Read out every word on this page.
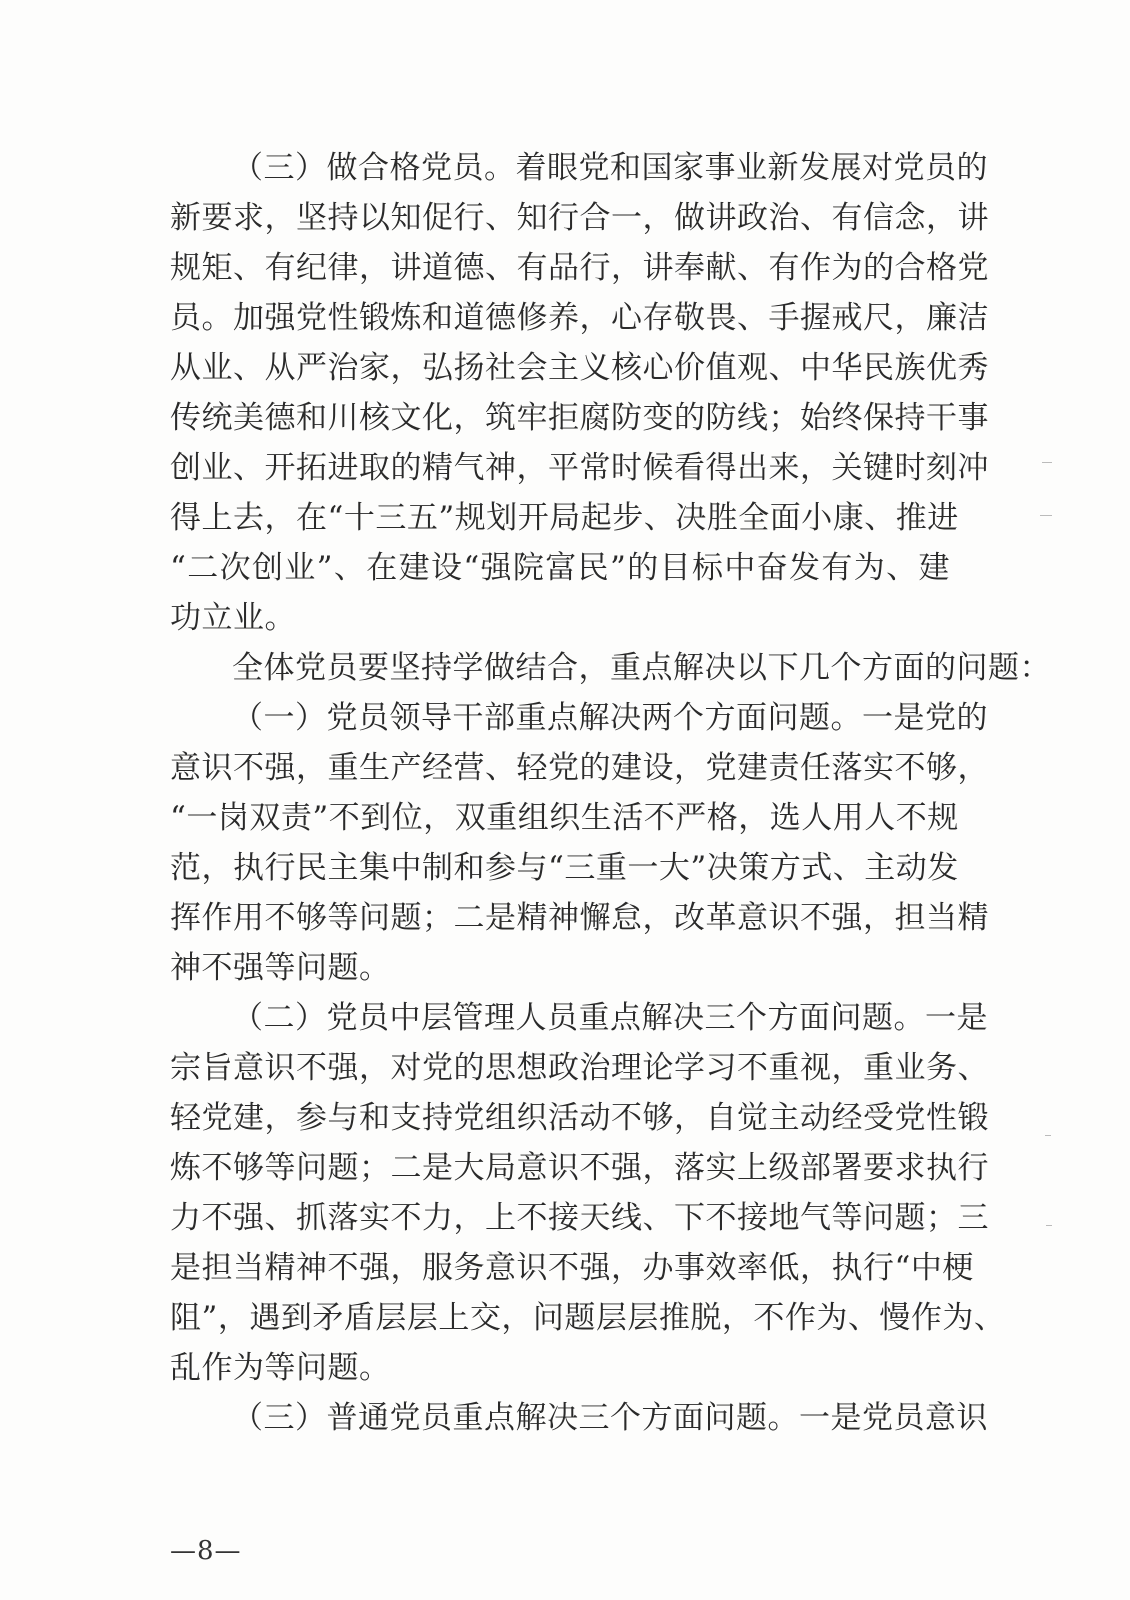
（三）做合格党员。着眼党和国家事业新发展对党员的
新要求，坚持以知促行、知行合一，做讲政治、有信念，讲
规矩、有纪律，讲道德、有品行，讲奉献、有作为的合格党
员。加强党性锻炼和道德修养，心存敬畏、手握戒尺，廉洁
从业、从严治家，弘扬社会主义核心价值观、中华民族优秀
传统美德和川核文化，筑牢拒腐防变的防线；始终保持干事
创业、开拓进取的精气神，平常时候看得出来，关键时刻冲
得上去，在“十三五”规划开局起步、决胜全面小康、推进
“二次创业”、在建设“强院富民”的目标中奋发有为、建
功立业。
全体党员要坚持学做结合，重点解决以下几个方面的问题：
（一）党员领导干部重点解决两个方面问题。一是党的
意识不强，重生产经营、轻党的建设，党建责任落实不够，
“一岗双责”不到位，双重组织生活不严格，选人用人不规
范，执行民主集中制和参与“三重一大”决策方式、主动发
挥作用不够等问题；二是精神懈怠，改革意识不强，担当精
神不强等问题。
（二）党员中层管理人员重点解决三个方面问题。一是
宗旨意识不强，对党的思想政治理论学习不重视，重业务、
轻党建，参与和支持党组织活动不够，自觉主动经受党性锻
炼不够等问题；二是大局意识不强，落实上级部署要求执行
力不强、抓落实不力，上不接天线、下不接地气等问题；三
是担当精神不强，服务意识不强，办事效率低，执行“中梗
阻”，遇到矛盾层层上交，问题层层推脱，不作为、慢作为、
乱作为等问题。
（三）普通党员重点解决三个方面问题。一是党员意识
—8—
